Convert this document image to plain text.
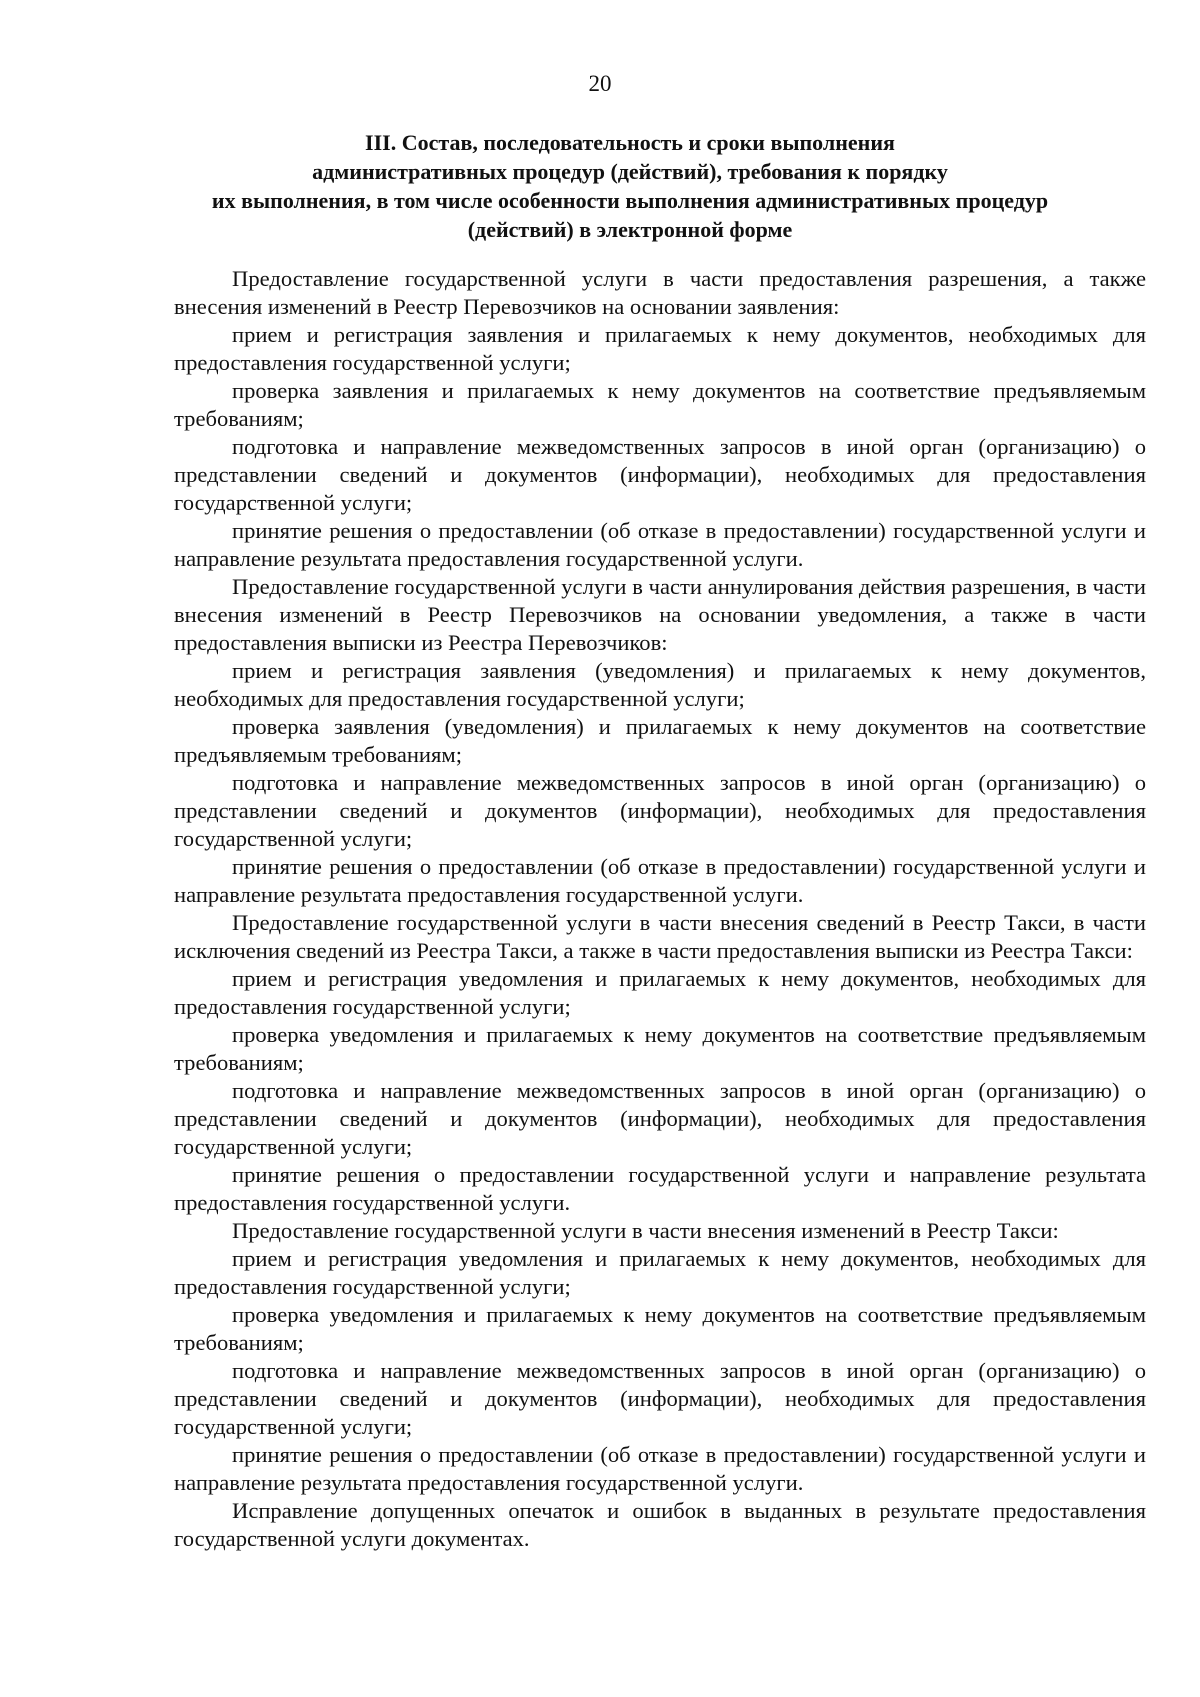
20
III. Состав, последовательность и сроки выполнения
административных процедур (действий), требования к порядку
их выполнения, в том числе особенности выполнения административных процедур
(действий) в электронной форме

Предоставление государственной услуги в части предоставления разрешения, а также внесения изменений в Реестр Перевозчиков на основании заявления:

прием и регистрация заявления и прилагаемых к нему документов, необходимых для предоставления государственной услуги;

проверка заявления и прилагаемых к нему документов на соответствие предъявляемым требованиям;

подготовка и направление межведомственных запросов в иной орган (организацию) о представлении сведений и документов (информации), необходимых для предоставления государственной услуги;

принятие решения о предоставлении (об отказе в предоставлении) государственной услуги и направление результата предоставления государственной услуги.

Предоставление государственной услуги в части аннулирования действия разрешения, в части внесения изменений в Реестр Перевозчиков на основании уведомления, а также в части предоставления выписки из Реестра Перевозчиков:

прием и регистрация заявления (уведомления) и прилагаемых к нему документов, необходимых для предоставления государственной услуги;

проверка заявления (уведомления) и прилагаемых к нему документов на соответствие предъявляемым требованиям;

подготовка и направление межведомственных запросов в иной орган (организацию) о представлении сведений и документов (информации), необходимых для предоставления государственной услуги;

принятие решения о предоставлении (об отказе в предоставлении) государственной услуги и направление результата предоставления государственной услуги.

Предоставление государственной услуги в части внесения сведений в Реестр Такси, в части исключения сведений из Реестра Такси, а также в части предоставления выписки из Реестра Такси:

прием и регистрация уведомления и прилагаемых к нему документов, необходимых для предоставления государственной услуги;

проверка уведомления и прилагаемых к нему документов на соответствие предъявляемым требованиям;

подготовка и направление межведомственных запросов в иной орган (организацию) о представлении сведений и документов (информации), необходимых для предоставления государственной услуги;

принятие решения о предоставлении государственной услуги и направление результата предоставления государственной услуги.

Предоставление государственной услуги в части внесения изменений в Реестр Такси:

прием и регистрация уведомления и прилагаемых к нему документов, необходимых для предоставления государственной услуги;

проверка уведомления и прилагаемых к нему документов на соответствие предъявляемым требованиям;

подготовка и направление межведомственных запросов в иной орган (организацию) о представлении сведений и документов (информации), необходимых для предоставления государственной услуги;

принятие решения о предоставлении (об отказе в предоставлении) государственной услуги и направление результата предоставления государственной услуги.

Исправление допущенных опечаток и ошибок в выданных в результате предоставления государственной услуги документах.
